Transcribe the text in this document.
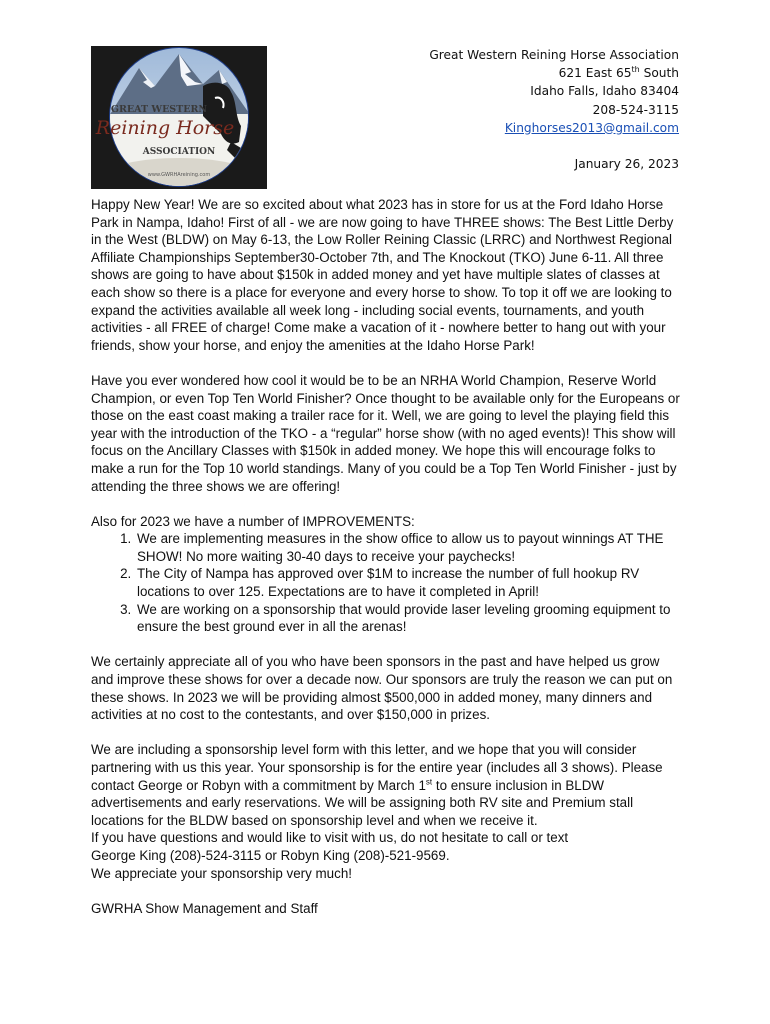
GREAT WESTERN
Reining Horse
ASSOCIATION
www.GWRHAreining.com
Great Western Reining Horse Association
621 East 65th South
Idaho Falls, Idaho 83404
208-524-3115
Kinghorses2013@gmail.com
January 26, 2023

Happy New Year! We are so excited about what 2023 has in store for us at the Ford Idaho Horse Park in Nampa, Idaho! First of all - we are now going to have THREE shows: The Best Little Derby in the West (BLDW) on May 6-13, the Low Roller Reining Classic (LRRC) and Northwest Regional Affiliate Championships September30-October 7th, and The Knockout (TKO) June 6-11. All three shows are going to have about $150k in added money and yet have multiple slates of classes at each show so there is a place for everyone and every horse to show. To top it off we are looking to expand the activities available all week long - including social events, tournaments, and youth activities - all FREE of charge! Come make a vacation of it - nowhere better to hang out with your friends, show your horse, and enjoy the amenities at the Idaho Horse Park!

Have you ever wondered how cool it would be to be an NRHA World Champion, Reserve World Champion, or even Top Ten World Finisher? Once thought to be available only for the Europeans or those on the east coast making a trailer race for it. Well, we are going to level the playing field this year with the introduction of the TKO - a “regular” horse show (with no aged events)! This show will focus on the Ancillary Classes with $150k in added money. We hope this will encourage folks to make a run for the Top 10 world standings. Many of you could be a Top Ten World Finisher - just by attending the three shows we are offering!

Also for 2023 we have a number of IMPROVEMENTS:

1. We are implementing measures in the show office to allow us to payout winnings AT THE SHOW! No more waiting 30-40 days to receive your paychecks!
2. The City of Nampa has approved over $1M to increase the number of full hookup RV locations to over 125. Expectations are to have it completed in April!
3. We are working on a sponsorship that would provide laser leveling grooming equipment to ensure the best ground ever in all the arenas!

We certainly appreciate all of you who have been sponsors in the past and have helped us grow and improve these shows for over a decade now. Our sponsors are truly the reason we can put on these shows. In 2023 we will be providing almost $500,000 in added money, many dinners and activities at no cost to the contestants, and over $150,000 in prizes.

We are including a sponsorship level form with this letter, and we hope that you will consider partnering with us this year. Your sponsorship is for the entire year (includes all 3 shows). Please contact George or Robyn with a commitment by March 1st to ensure inclusion in BLDW advertisements and early reservations. We will be assigning both RV site and Premium stall locations for the BLDW based on sponsorship level and when we receive it.

If you have questions and would like to visit with us, do not hesitate to call or text

George King (208)-524-3115 or Robyn King (208)-521-9569.

We appreciate your sponsorship very much!

GWRHA Show Management and Staff
